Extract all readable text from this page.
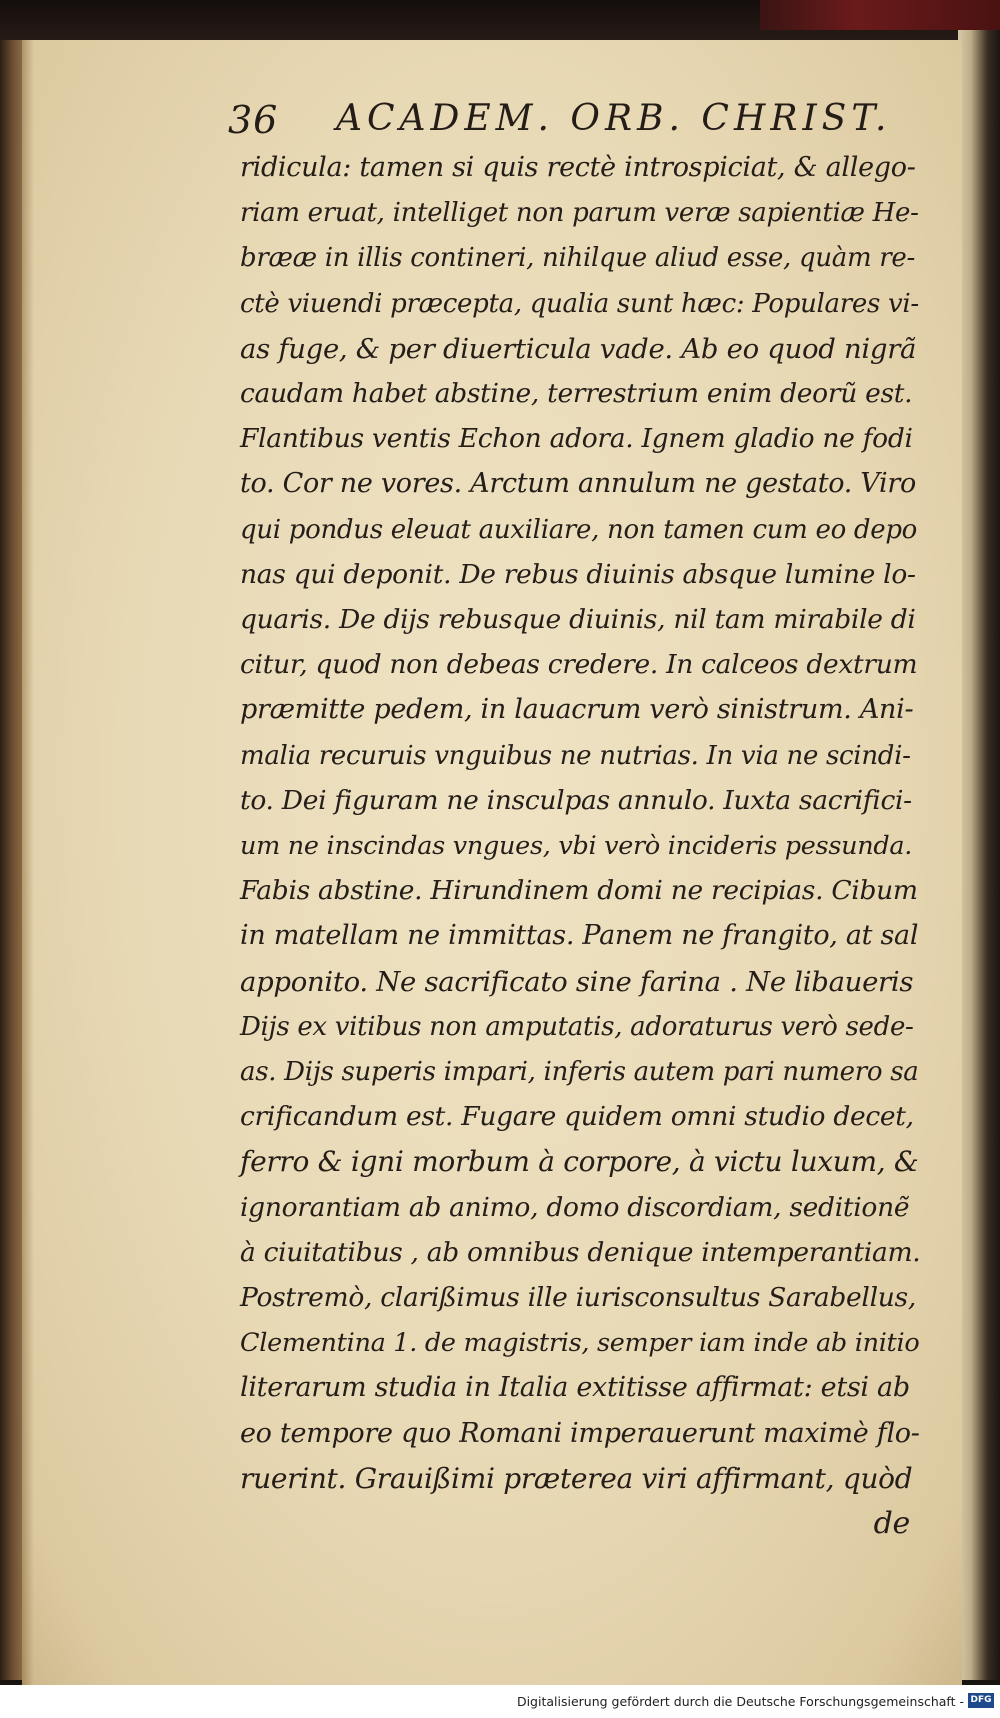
36 ACADEM. ORB. CHRIST.
ridicula: tamen si quis rectè introspiciat, & allego-
riam eruat, intelliget non parum veræ sapientiæ He-
brææ in illis contineri, nihilque aliud esse, quàm re-
ctè viuendi præcepta, qualia sunt hæc: Populares vi-
as fuge, & per diuerticula vade. Ab eo quod nigrã
caudam habet abstine, terrestrium enim deorũ est.
Flantibus ventis Echon adora. Ignem gladio ne fodi
to. Cor ne vores. Arctum annulum ne gestato. Viro
qui pondus eleuat auxiliare, non tamen cum eo depo
nas qui deponit. De rebus diuinis absque lumine lo-
quaris. De dijs rebusque diuinis, nil tam mirabile di
citur, quod non debeas credere. In calceos dextrum
præmitte pedem, in lauacrum verò sinistrum. Ani-
malia recuruis vnguibus ne nutrias. In via ne scindi-
to. Dei figuram ne insculpas annulo. Iuxta sacrifici-
um ne inscindas vngues, vbi verò incideris pessunda.
Fabis abstine. Hirundinem domi ne recipias. Cibum
in matellam ne immittas. Panem ne frangito, at sal
apponito. Ne sacrificato sine farina . Ne libaueris
Dijs ex vitibus non amputatis, adoraturus verò sede-
as. Dijs superis impari, inferis autem pari numero sa
crificandum est. Fugare quidem omni studio decet,
ferro & igni morbum à corpore, à victu luxum, &
ignorantiam ab animo, domo discordiam, seditionẽ
à ciuitatibus , ab omnibus denique intemperantiam.
Postremò, clarißimus ille iurisconsultus Sarabellus,
Clementina 1. de magistris, semper iam inde ab initio
literarum studia in Italia extitisse affirmat: etsi ab
eo tempore quo Romani imperauerunt maximè flo-
ruerint. Grauißimi præterea viri affirmant, quòd
de
Digitalisierung gefördert durch die Deutsche Forschungsgemeinschaft - DFG
